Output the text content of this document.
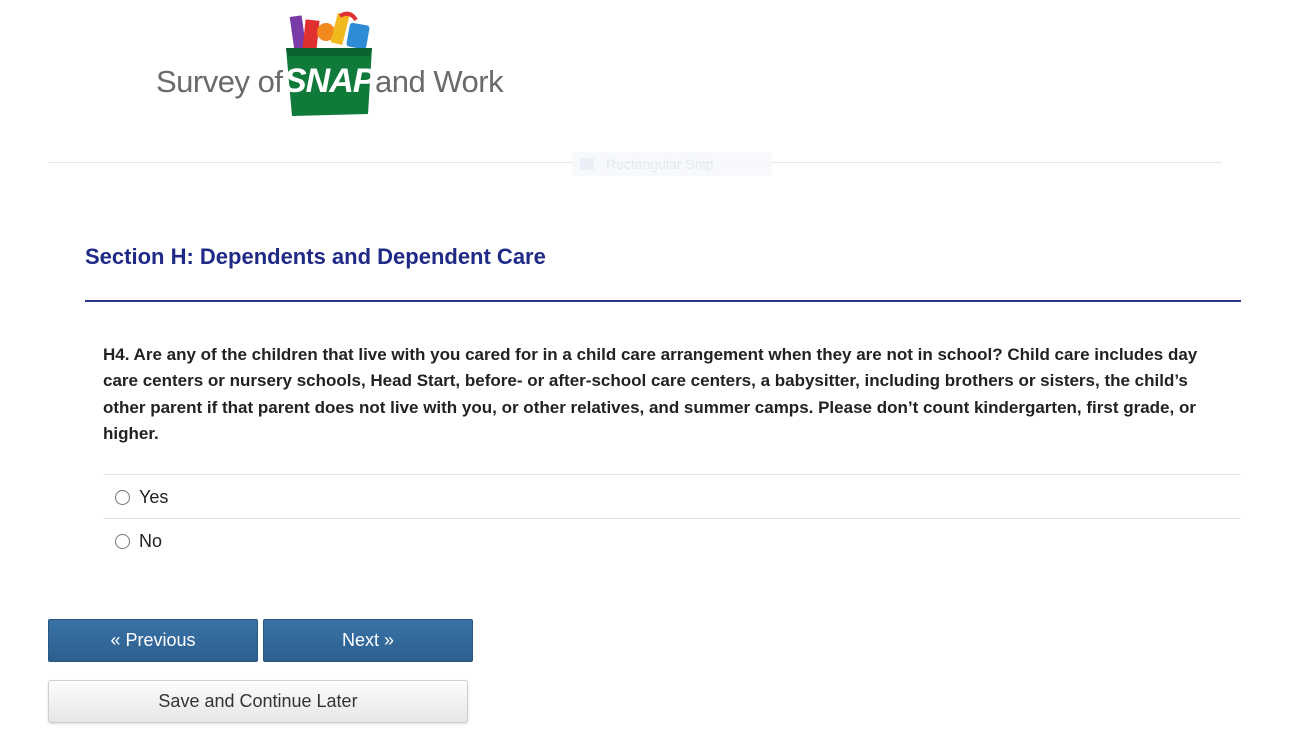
Survey of SNAP and Work
Rectangular Snip
Section H: Dependents and Dependent Care
H4. Are any of the children that live with you cared for in a child care arrangement when they are not in school? Child care includes day care centers or nursery schools, Head Start, before- or after-school care centers, a babysitter, including brothers or sisters, the child’s other parent if that parent does not live with you, or other relatives, and summer camps. Please don’t count kindergarten, first grade, or higher.
Yes
No
« Previous	Next »
Save and Continue Later
